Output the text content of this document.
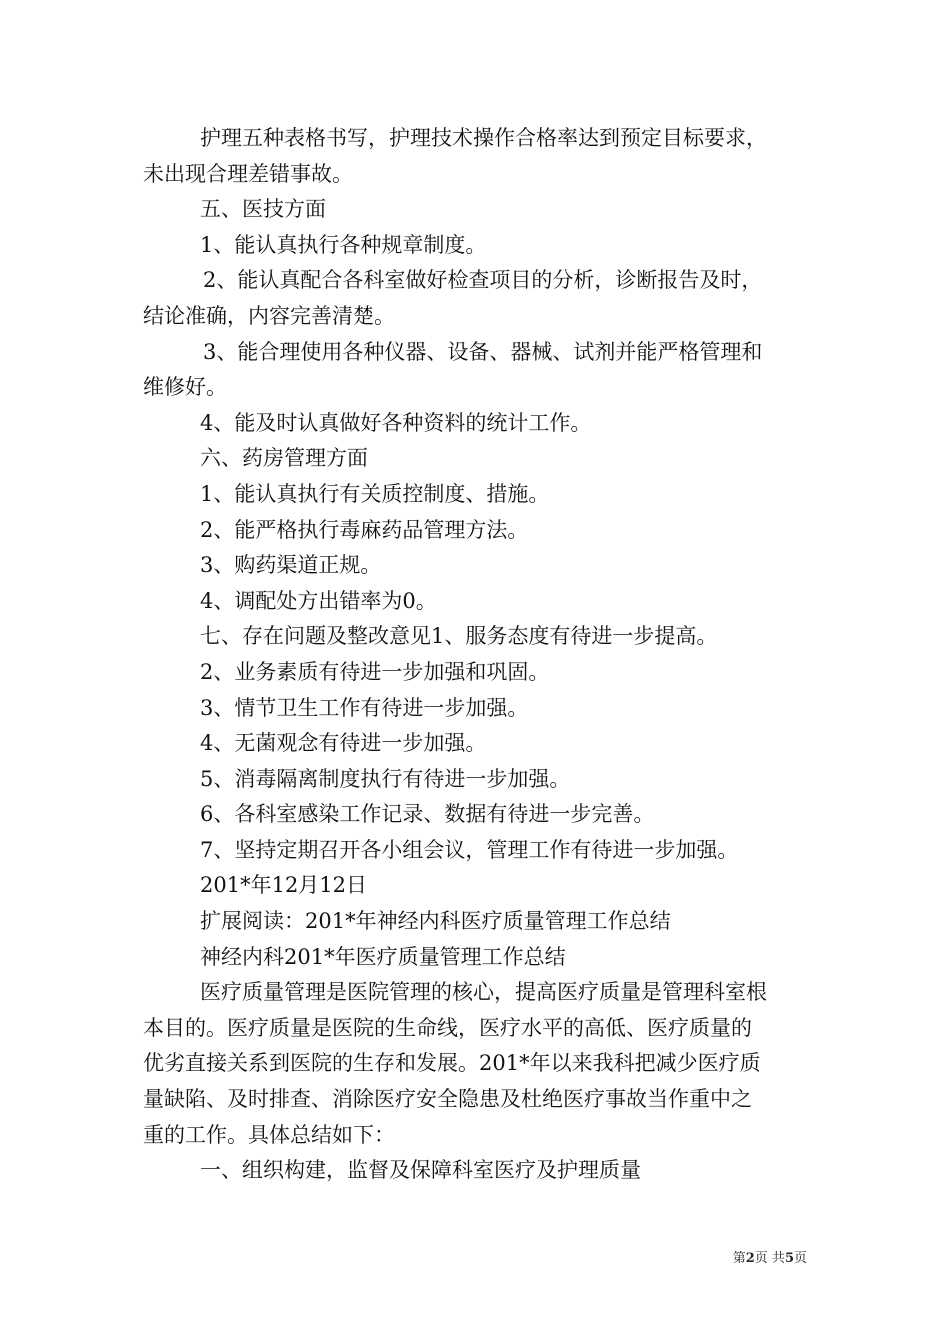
护理五种表格书写，护理技术操作合格率达到预定目标要求，
未出现合理差错事故。
五、医技方面
1、能认真执行各种规章制度。
2、能认真配合各科室做好检查项目的分析，诊断报告及时，
结论准确，内容完善清楚。
3、能合理使用各种仪器、设备、器械、试剂并能严格管理和
维修好。
4、能及时认真做好各种资料的统计工作。
六、药房管理方面
1、能认真执行有关质控制度、措施。
2、能严格执行毒麻药品管理方法。
3、购药渠道正规。
4、调配处方出错率为0。
七、存在问题及整改意见1、服务态度有待进一步提高。
2、业务素质有待进一步加强和巩固。
3、情节卫生工作有待进一步加强。
4、无菌观念有待进一步加强。
5、消毒隔离制度执行有待进一步加强。
6、各科室感染工作记录、数据有待进一步完善。
7、坚持定期召开各小组会议，管理工作有待进一步加强。
201*年12月12日
扩展阅读：201*年神经内科医疗质量管理工作总结
神经内科201*年医疗质量管理工作总结
医疗质量管理是医院管理的核心，提高医疗质量是管理科室根
本目的。医疗质量是医院的生命线，医疗水平的高低、医疗质量的
优劣直接关系到医院的生存和发展。201*年以来我科把减少医疗质
量缺陷、及时排查、消除医疗安全隐患及杜绝医疗事故当作重中之
重的工作。具体总结如下：
一、组织构建，监督及保障科室医疗及护理质量
第2页 共5页
